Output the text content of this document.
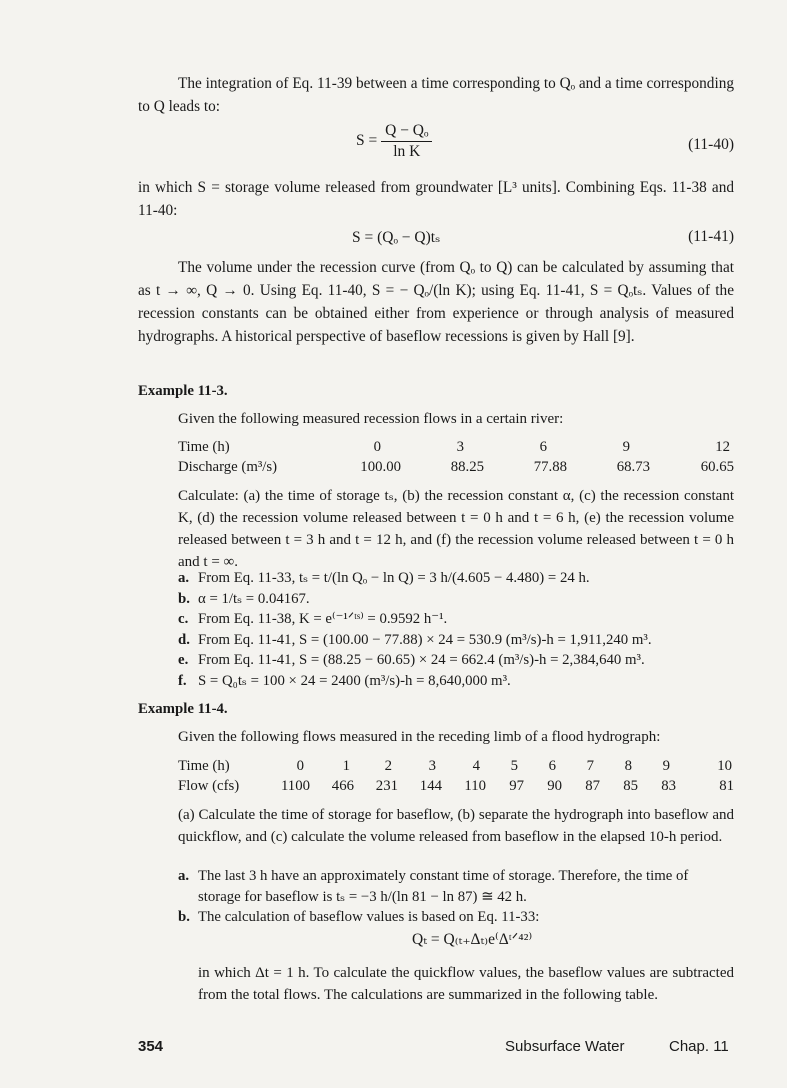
The integration of Eq. 11-39 between a time corresponding to Qₒ and a time corresponding to Q leads to:

$S = \frac{\text{Q − Qₒ}}{\text{ln K}}$	(11-40)

in which S = storage volume released from groundwater [L³ units]. Combining Eqs. 11-38 and 11-40:

S = (Qₒ − Q)tₛ	(11-41)

The volume under the recession curve (from Qₒ to Q) can be calculated by assuming that as t → ∞, Q → 0. Using Eq. 11-40, S = − Qₒ/(ln K); using Eq. 11-41, S = Qₒtₛ. Values of the recession constants can be obtained either from experience or through analysis of measured hydrographs. A historical perspective of baseflow recessions is given by Hall [9].

Example 11-3.

Given the following measured recession flows in a certain river:

Time (h)	0	3	6	9	12
Discharge (m³/s)	100.00	88.25	77.88	68.73	60.65

Calculate: (a) the time of storage tₛ, (b) the recession constant α, (c) the recession constant K, (d) the recession volume released between t = 0 h and t = 6 h, (e) the recession volume released between t = 3 h and t = 12 h, and (f) the recession volume released between t = 0 h and t = ∞.

a. From Eq. 11-33, tₛ = t/(ln Qₒ − ln Q) = 3 h/(4.605 − 4.480) = 24 h.
b. α = 1/tₛ = 0.04167.
c. From Eq. 11-38, K = e⁽⁻¹ᐟᵗˢ⁾ = 0.9592 h⁻¹.
d. From Eq. 11-41, S = (100.00 − 77.88) × 24 = 530.9 (m³/s)-h = 1,911,240 m³.
e. From Eq. 11-41, S = (88.25 − 60.65) × 24 = 662.4 (m³/s)-h = 2,384,640 m³.
f. S = Q₀tₛ = 100 × 24 = 2400 (m³/s)-h = 8,640,000 m³.
Example 11-4.

Given the following flows measured in the receding limb of a flood hydrograph:

Time (h)	0	1	2	3	4	5	6	7	8	9	10
Flow (cfs)	1100	466	231	144	110	97	90	87	85	83	81

(a) Calculate the time of storage for baseflow, (b) separate the hydrograph into baseflow and quickflow, and (c) calculate the volume released from baseflow in the elapsed 10-h period.

a. The last 3 h have an approximately constant time of storage. Therefore, the time of storage for baseflow is tₛ = −3 h/(ln 81 − ln 87) ≅ 42 h.
b. The calculation of baseflow values is based on Eq. 11-33:
Qₜ = Q₍ₜ₊Δₜ₎e⁽Δᵗᐟ⁴²⁾

in which Δt = 1 h. To calculate the quickflow values, the baseflow values are subtracted from the total flows. The calculations are summarized in the following table.

354	Subsurface Water	Chap. 11
